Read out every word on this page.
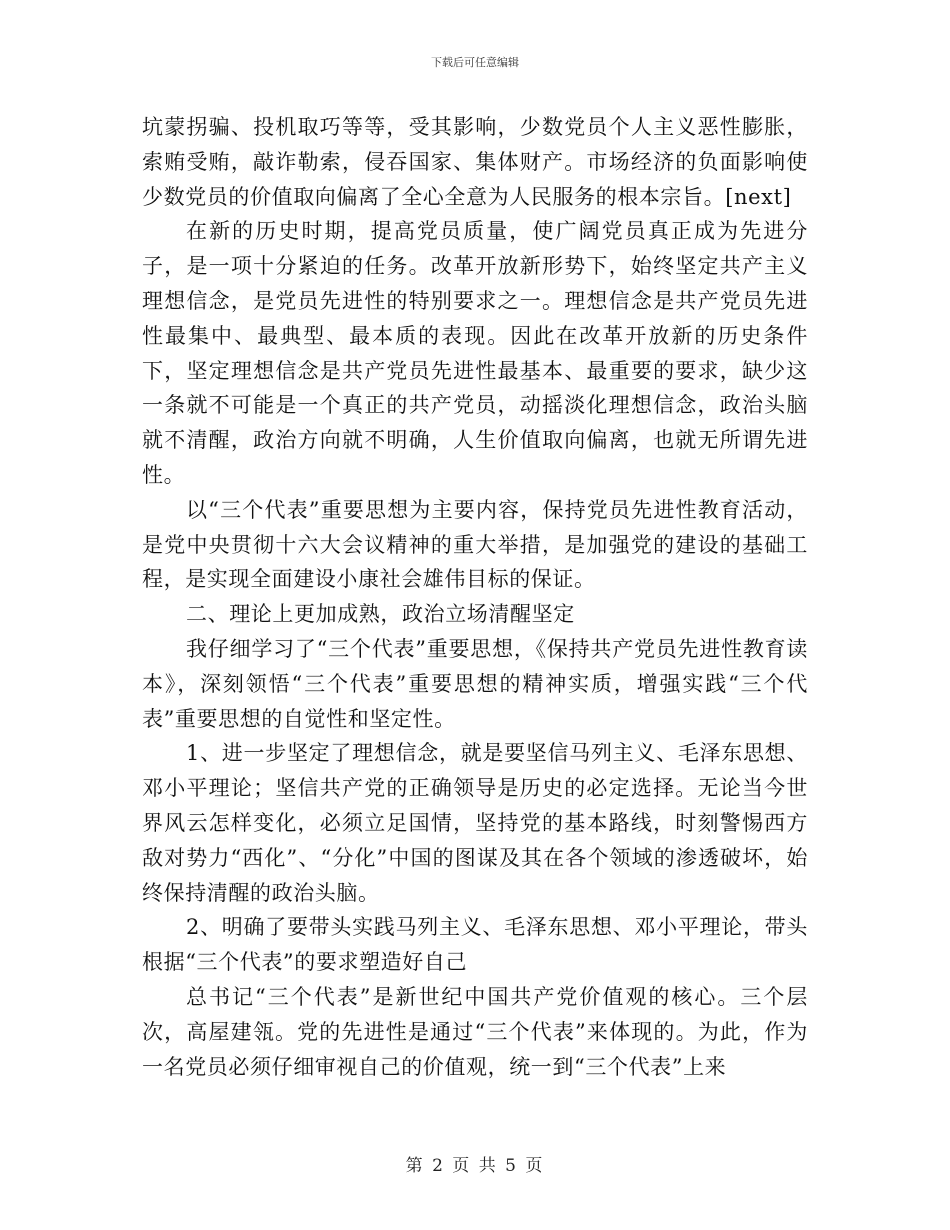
下载后可任意编辑

坑蒙拐骗、投机取巧等等，受其影响，少数党员个人主义恶性膨胀，索贿受贿，敲诈勒索，侵吞国家、集体财产。市场经济的负面影响使少数党员的价值取向偏离了全心全意为人民服务的根本宗旨。[next]

在新的历史时期，提高党员质量，使广阔党员真正成为先进分子，是一项十分紧迫的任务。改革开放新形势下，始终坚定共产主义理想信念，是党员先进性的特别要求之一。理想信念是共产党员先进性最集中、最典型、最本质的表现。因此在改革开放新的历史条件下，坚定理想信念是共产党员先进性最基本、最重要的要求，缺少这一条就不可能是一个真正的共产党员，动摇淡化理想信念，政治头脑就不清醒，政治方向就不明确，人生价值取向偏离，也就无所谓先进性。

以“三个代表”重要思想为主要内容，保持党员先进性教育活动，是党中央贯彻十六大会议精神的重大举措，是加强党的建设的基础工程，是实现全面建设小康社会雄伟目标的保证。

二、理论上更加成熟，政治立场清醒坚定

我仔细学习了“三个代表”重要思想，《保持共产党员先进性教育读本》，深刻领悟“三个代表”重要思想的精神实质，增强实践“三个代表”重要思想的自觉性和坚定性。

1、进一步坚定了理想信念，就是要坚信马列主义、毛泽东思想、邓小平理论；坚信共产党的正确领导是历史的必定选择。无论当今世界风云怎样变化，必须立足国情，坚持党的基本路线，时刻警惕西方敌对势力“西化”、“分化”中国的图谋及其在各个领域的渗透破坏，始终保持清醒的政治头脑。

2、明确了要带头实践马列主义、毛泽东思想、邓小平理论，带头根据“三个代表”的要求塑造好自己

总书记“三个代表”是新世纪中国共产党价值观的核心。三个层次，高屋建瓴。党的先进性是通过“三个代表”来体现的。为此，作为一名党员必须仔细审视自己的价值观，统一到“三个代表”上来

第 2 页 共 5 页
